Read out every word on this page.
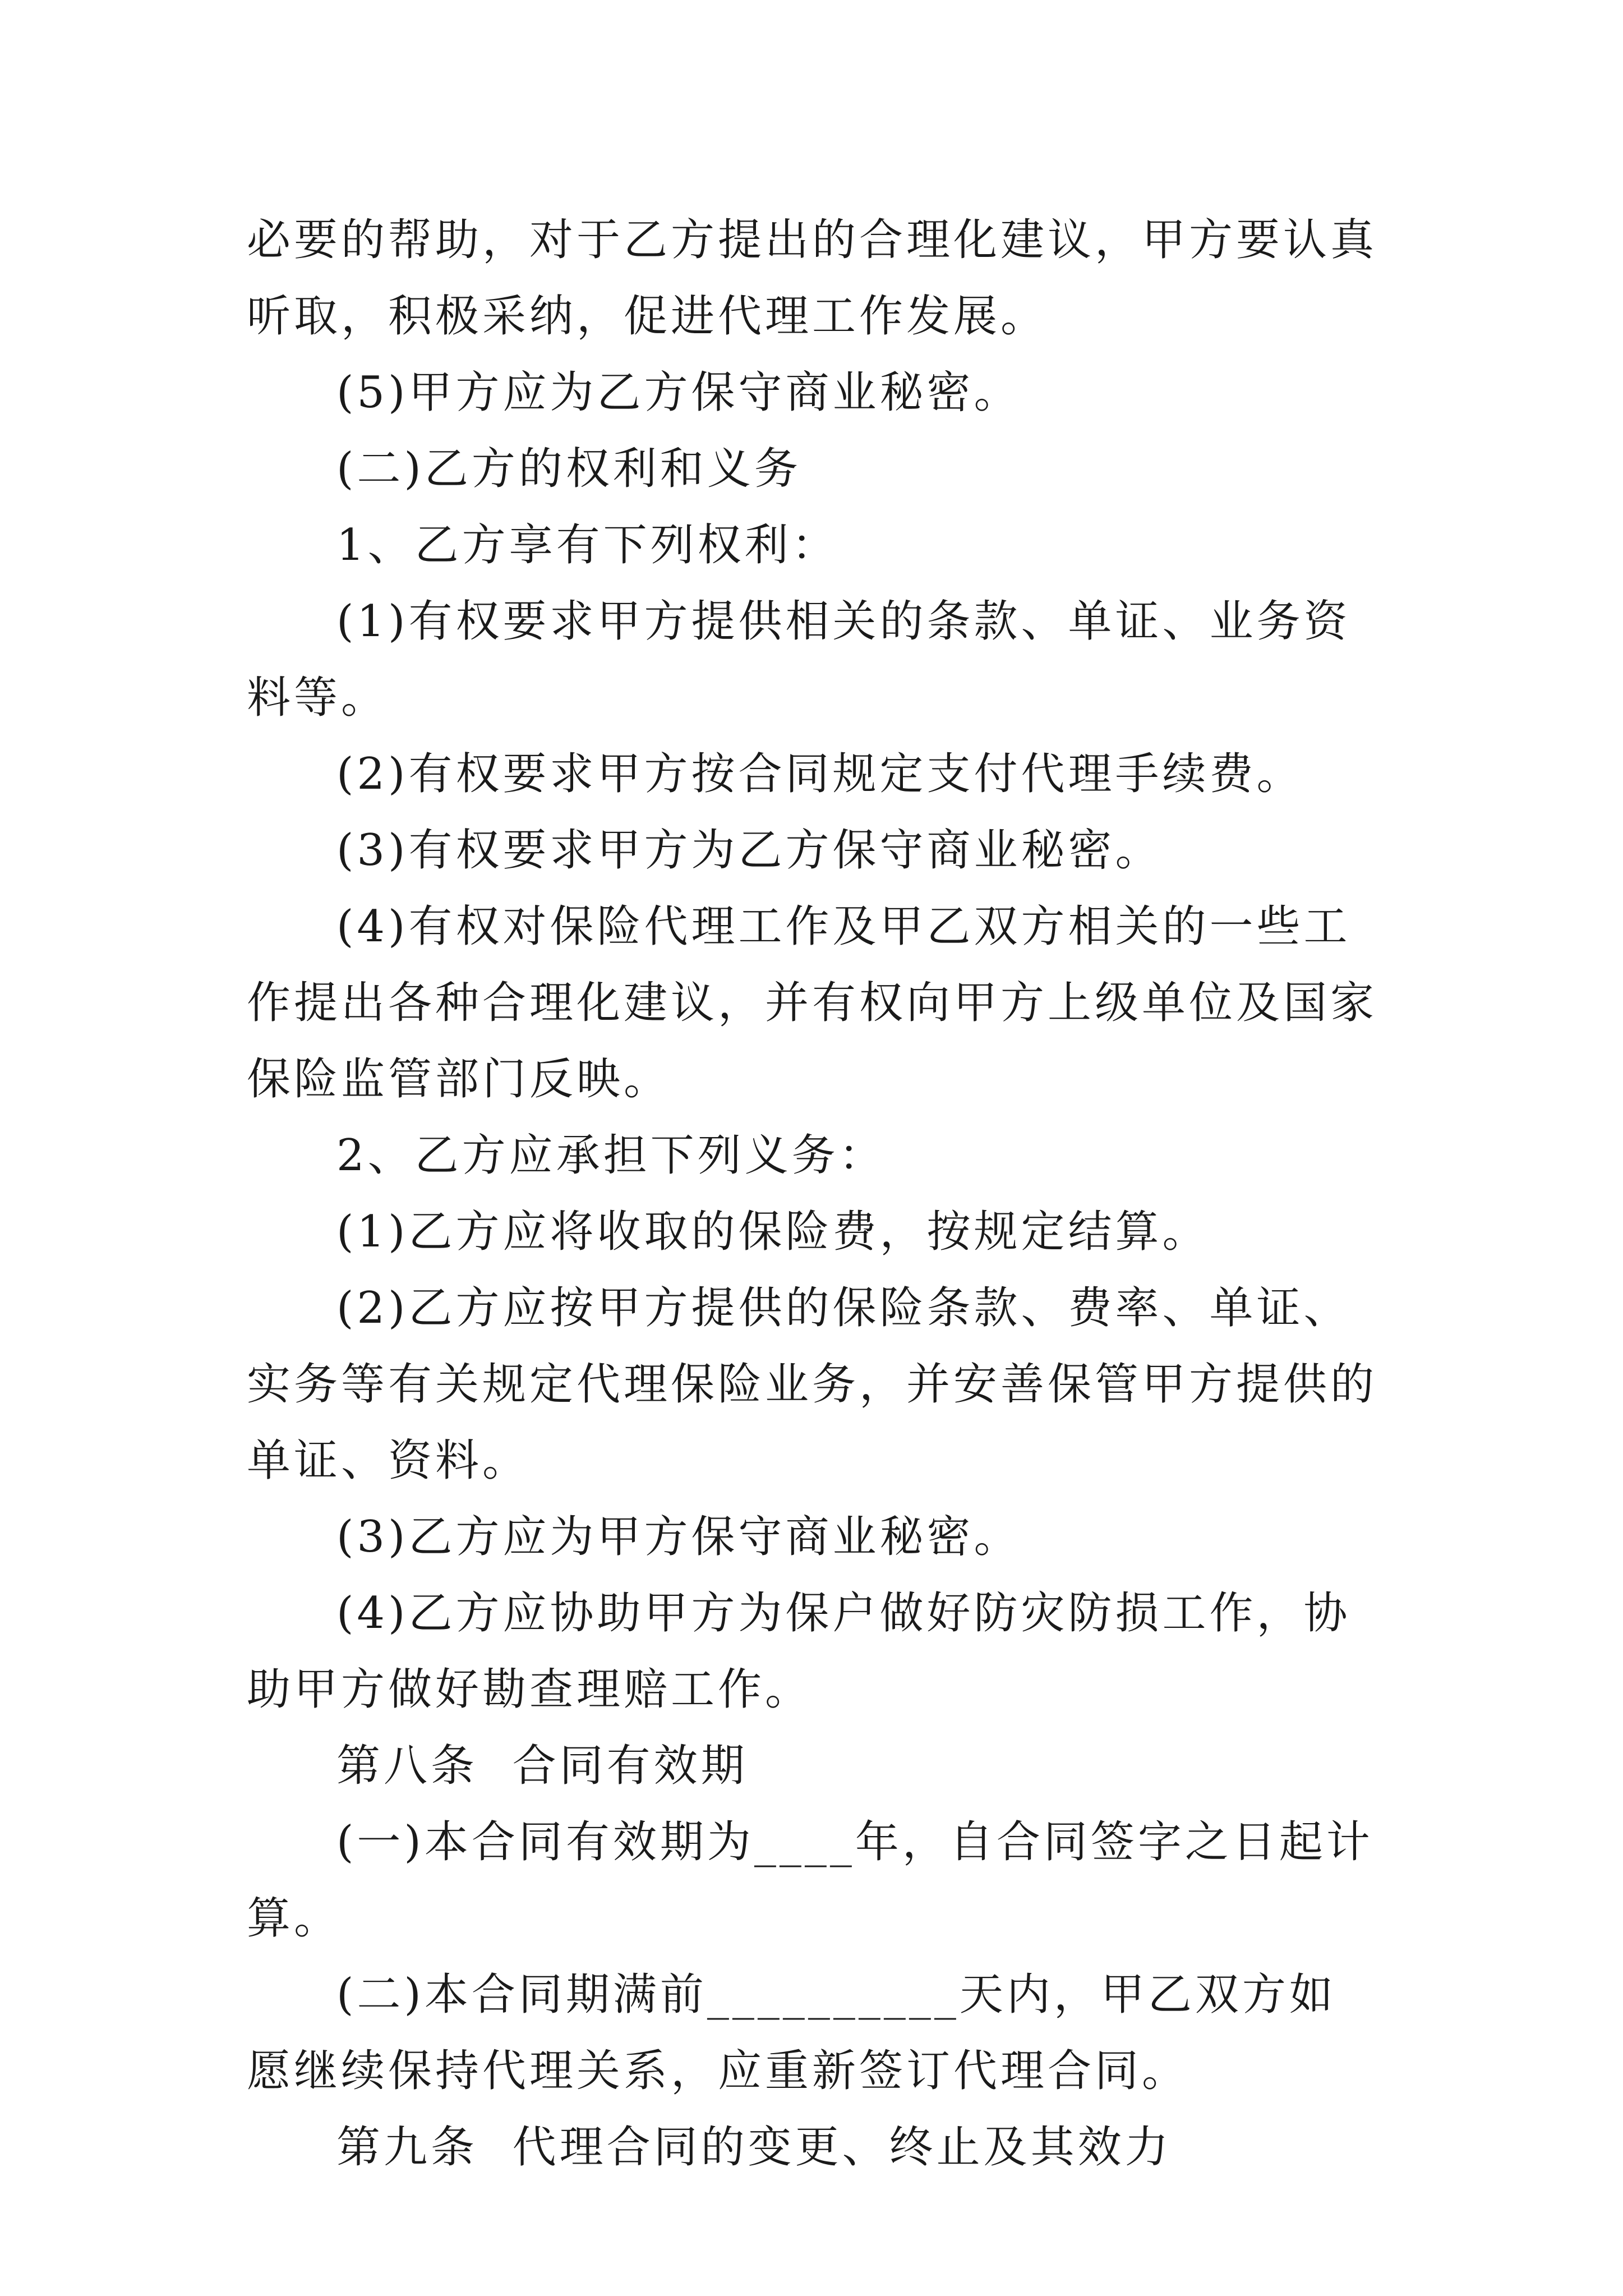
必要的帮助，对于乙方提出的合理化建议，甲方要认真听取，积极采纳，促进代理工作发展。

(5)甲方应为乙方保守商业秘密。

(二)乙方的权利和义务

1、乙方享有下列权利：

(1)有权要求甲方提供相关的条款、单证、业务资料等。

(2)有权要求甲方按合同规定支付代理手续费。

(3)有权要求甲方为乙方保守商业秘密。

(4)有权对保险代理工作及甲乙双方相关的一些工作提出各种合理化建议，并有权向甲方上级单位及国家保险监管部门反映。

2、乙方应承担下列义务：

(1)乙方应将收取的保险费，按规定结算。

(2)乙方应按甲方提供的保险条款、费率、单证、实务等有关规定代理保险业务，并安善保管甲方提供的单证、资料。

(3)乙方应为甲方保守商业秘密。

(4)乙方应协助甲方为保户做好防灾防损工作，协助甲方做好勘查理赔工作。

第八条  合同有效期

(一)本合同有效期为____年，自合同签字之日起计算。

(二)本合同期满前__________天内，甲乙双方如愿继续保持代理关系，应重新签订代理合同。

第九条  代理合同的变更、终止及其效力
